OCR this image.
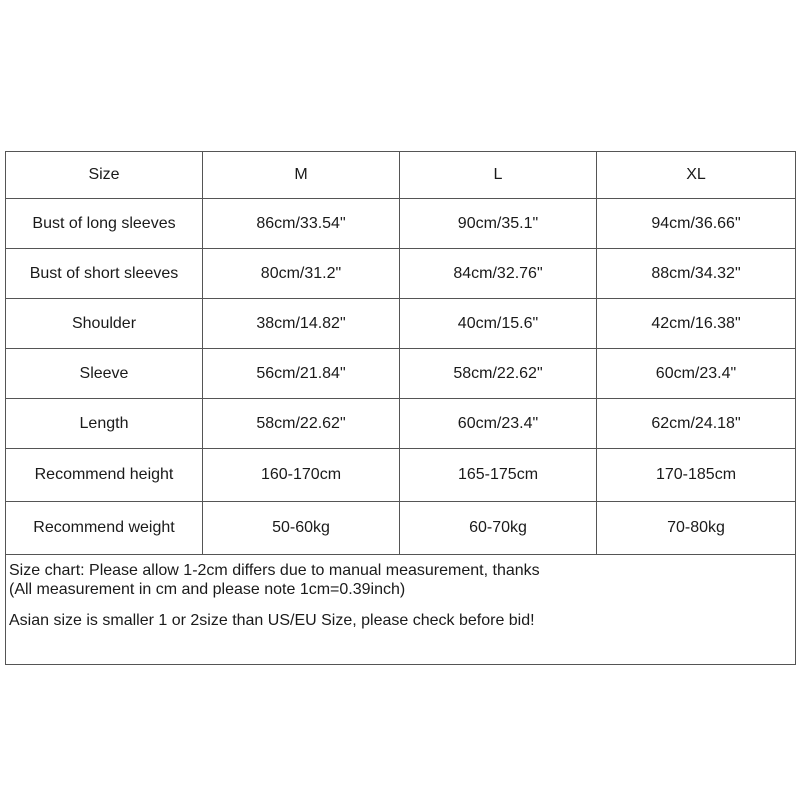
Size	M	L	XL
Bust of long sleeves	86cm/33.54"	90cm/35.1"	94cm/36.66"
Bust of short sleeves	80cm/31.2"	84cm/32.76"	88cm/34.32"
Shoulder	38cm/14.82"	40cm/15.6"	42cm/16.38"
Sleeve	56cm/21.84"	58cm/22.62"	60cm/23.4"
Length	58cm/22.62"	60cm/23.4"	62cm/24.18"
Recommend height	160-170cm	165-175cm	170-185cm
Recommend weight	50-60kg	60-70kg	70-80kg

Size chart: Please allow 1-2cm differs due to manual measurement, thanks
(All measurement in cm and please note 1cm=0.39inch)
Asian size is smaller 1 or 2size than US/EU Size, please check before bid!			
